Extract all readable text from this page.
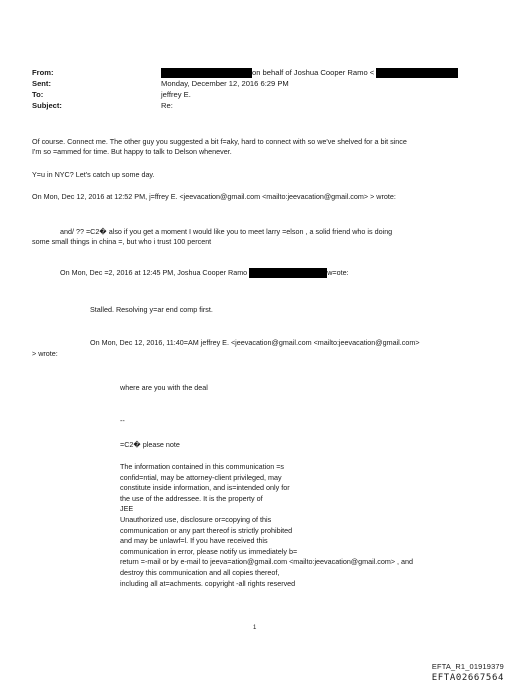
From:	on behalf of Joshua Cooper Ramo <
Sent:	Monday, December 12, 2016 6:29 PM
To:	jeffrey E.
Subject:	Re:
Of course. Connect me. The other guy you suggested a bit f=aky, hard to connect with so we've shelved for a bit since
I'm so =ammed for time. But happy to talk to Delson whenever.
Y=u in NYC? Let's catch up some day.
On Mon, Dec 12, 2016 at 12:52 PM, j=ffrey E. <jeevacation@gmail.com <mailto:jeevacation@gmail.com> > wrote:
and/ ?? =C2� also if you get a moment I would like you to meet larry =elson , a solid friend who is doing
some small things in china =, but who i trust 100 percent
On Mon, Dec =2, 2016 at 12:45 PM, Joshua Cooper Ramo	w=ote:
Stalled. Resolving y=ar end comp first.
On Mon, Dec 12, 2016, 11:40=AM jeffrey E. <jeevacation@gmail.com <mailto:jeevacation@gmail.com>
> wrote:
where are you with the deal
--
=C2� please note
The information contained in this communication =s
confid=ntial, may be attorney-client privileged, may
constitute inside information, and is=intended only for
the use of the addressee. It is the property of
JEE
Unauthorized use, disclosure or=copying of this
communication or any part thereof is strictly prohibited
and may be unlawf=l. If you have received this
communication in error, please notify us immediately b=
return =-mail or by e-mail to jeeva=ation@gmail.com <mailto:jeevacation@gmail.com> , and
destroy this communication and all copies thereof,
including all at=achments. copyright -all rights reserved
1
EFTA_R1_01919379
EFTA02667564
